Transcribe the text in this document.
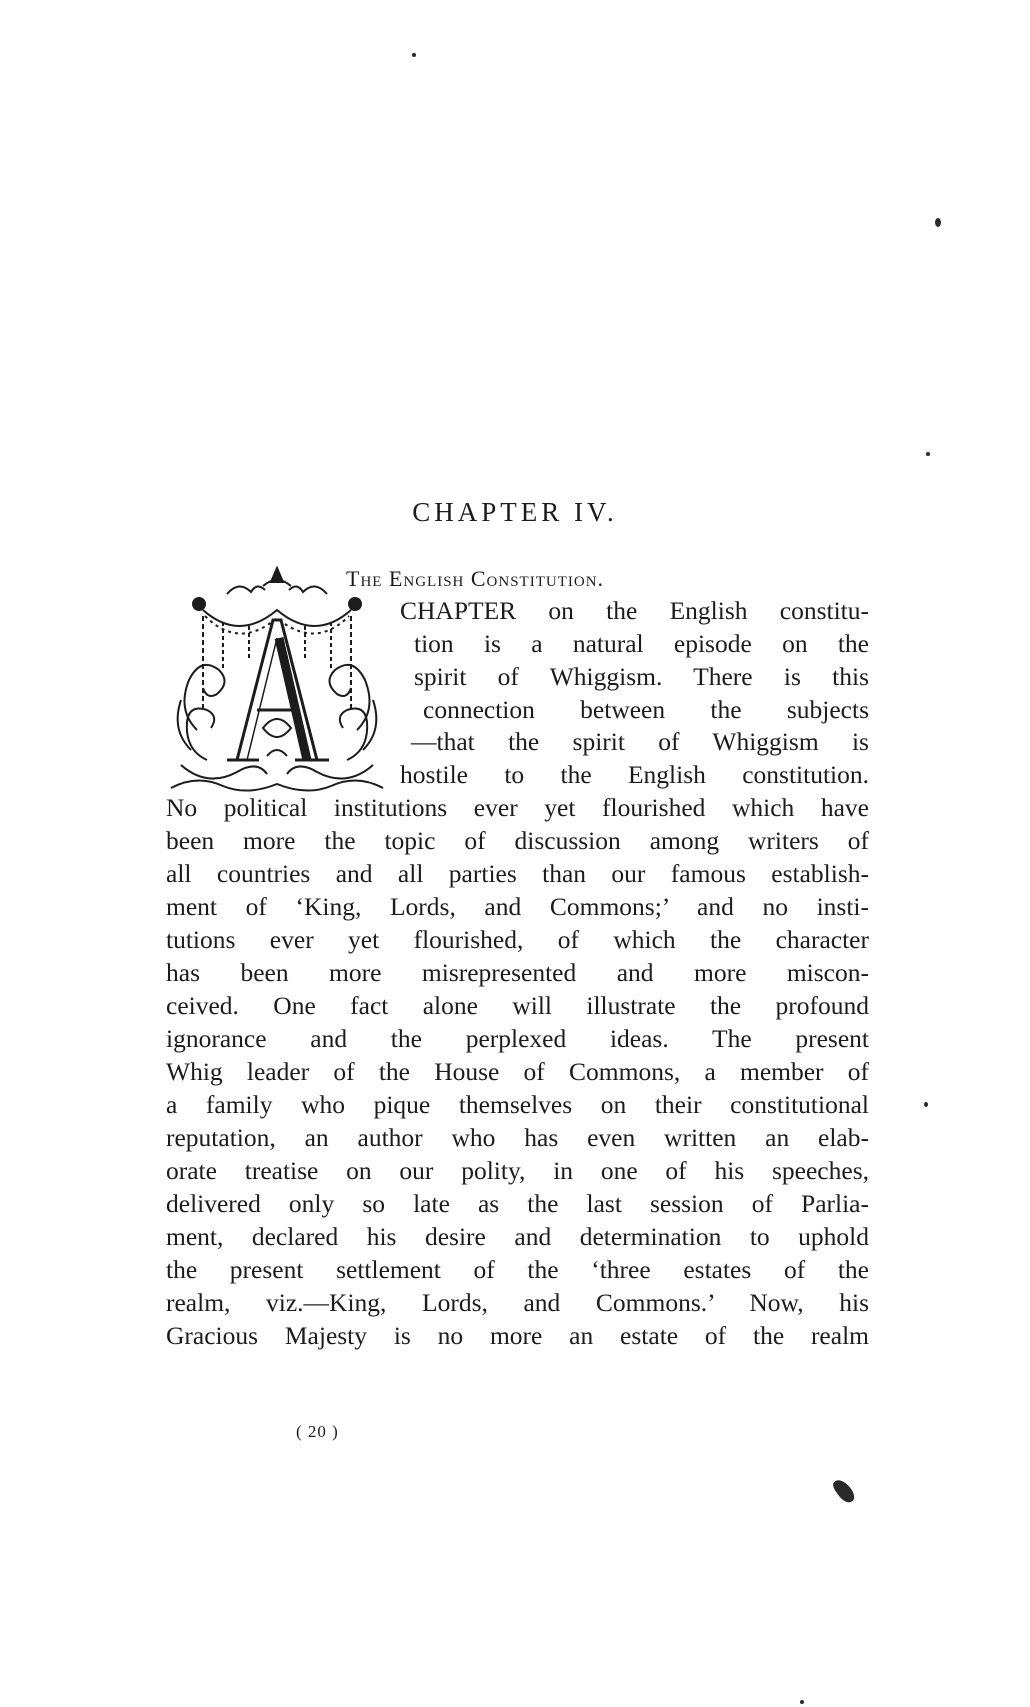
CHAPTER IV.
The English Constitution.

CHAPTER on the English constitu-

tion is a natural episode on the

spirit of Whiggism. There is this

connection between the subjects

—that the spirit of Whiggism is

hostile to the English constitution.

No political institutions ever yet flourished which have

been more the topic of discussion among writers of

all countries and all parties than our famous establish-

ment of ‘King, Lords, and Commons;’ and no insti-

tutions ever yet flourished, of which the character

has been more misrepresented and more miscon-

ceived. One fact alone will illustrate the profound

ignorance and the perplexed ideas. The present

Whig leader of the House of Commons, a member of

a family who pique themselves on their constitutional

reputation, an author who has even written an elab-

orate treatise on our polity, in one of his speeches,

delivered only so late as the last session of Parlia-

ment, declared his desire and determination to uphold

the present settlement of the ‘three estates of the

realm, viz.—King, Lords, and Commons.’ Now, his

Gracious Majesty is no more an estate of the realm

( 20 )
